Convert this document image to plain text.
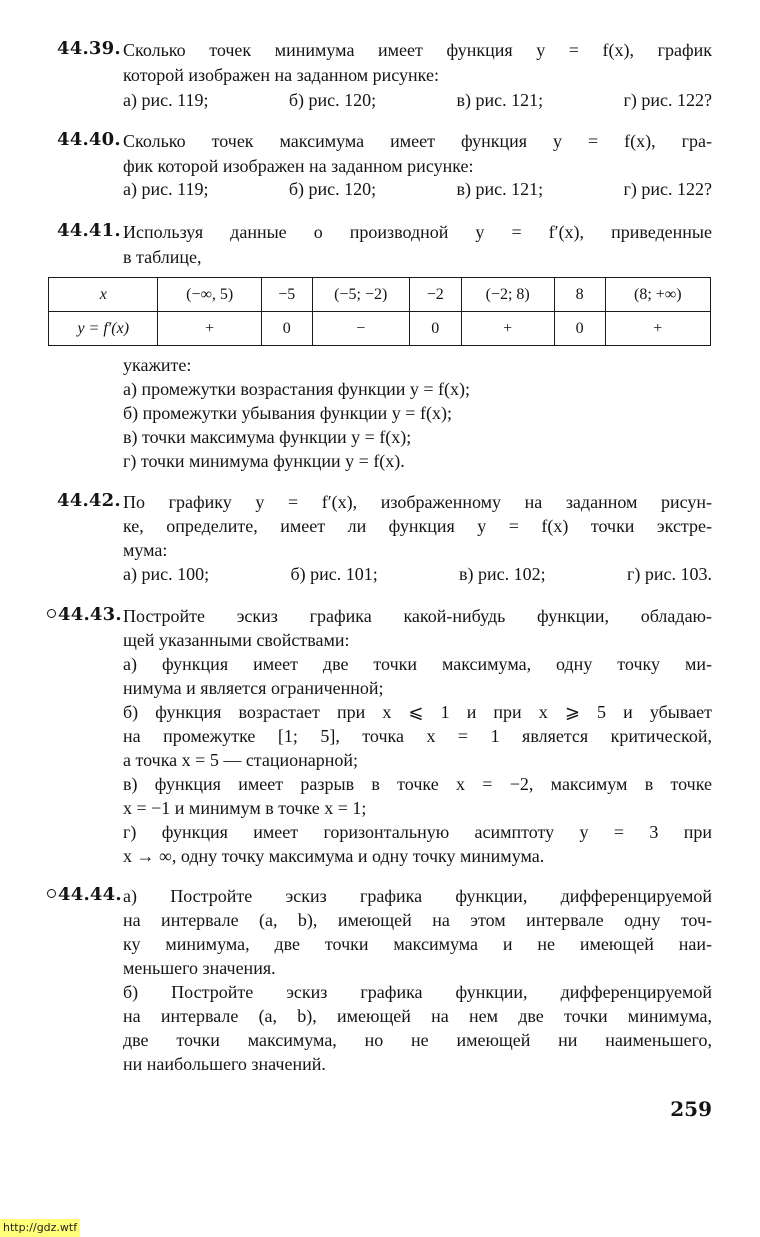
44.39. Сколько точек минимума имеет функция y = f(x), график
которой изображен на заданном рисунке:
а) рис. 119;	б) рис. 120;	в) рис. 121;	г) рис. 122?
44.40. Сколько точек максимума имеет функция y = f(x), гра-
фик которой изображен на заданном рисунке:
а) рис. 119;	б) рис. 120;	в) рис. 121;	г) рис. 122?
44.41. Используя данные о производной y = f′(x), приведенные
в таблице,
x	(−∞, 5)	−5	(−5; −2)	−2	(−2; 8)	8	(8; +∞)
y = f′(x)	+	0	−	0	+	0	+
укажите:
а) промежутки возрастания функции y = f(x);
б) промежутки убывания функции y = f(x);
в) точки максимума функции y = f(x);
г) точки минимума функции y = f(x).
44.42. По графику y = f′(x), изображенному на заданном рисун-
ке, определите, имеет ли функция y = f(x) точки экстре-
мума:
а) рис. 100;	б) рис. 101;	в) рис. 102;	г) рис. 103.
44.43. Постройте эскиз графика какой-нибудь функции, обладаю-
щей указанными свойствами:
а) функция имеет две точки максимума, одну точку ми-
нимума и является ограниченной;
б) функция возрастает при x ⩽ 1 и при x ⩾ 5 и убывает
на промежутке [1; 5], точка x = 1 является критической,
а точка x = 5 — стационарной;
в) функция имеет разрыв в точке x = −2, максимум в точке
x = −1 и минимум в точке x = 1;
г) функция имеет горизонтальную асимптоту y = 3 при
x → ∞, одну точку максимума и одну точку минимума.
44.44. а) Постройте эскиз графика функции, дифференцируемой
на интервале (a, b), имеющей на этом интервале одну точ-
ку минимума, две точки максимума и не имеющей наи-
меньшего значения.
б) Постройте эскиз графика функции, дифференцируемой
на интервале (a, b), имеющей на нем две точки минимума,
две точки максимума, но не имеющей ни наименьшего,
ни наибольшего значений.
259
http://gdz.wtf
